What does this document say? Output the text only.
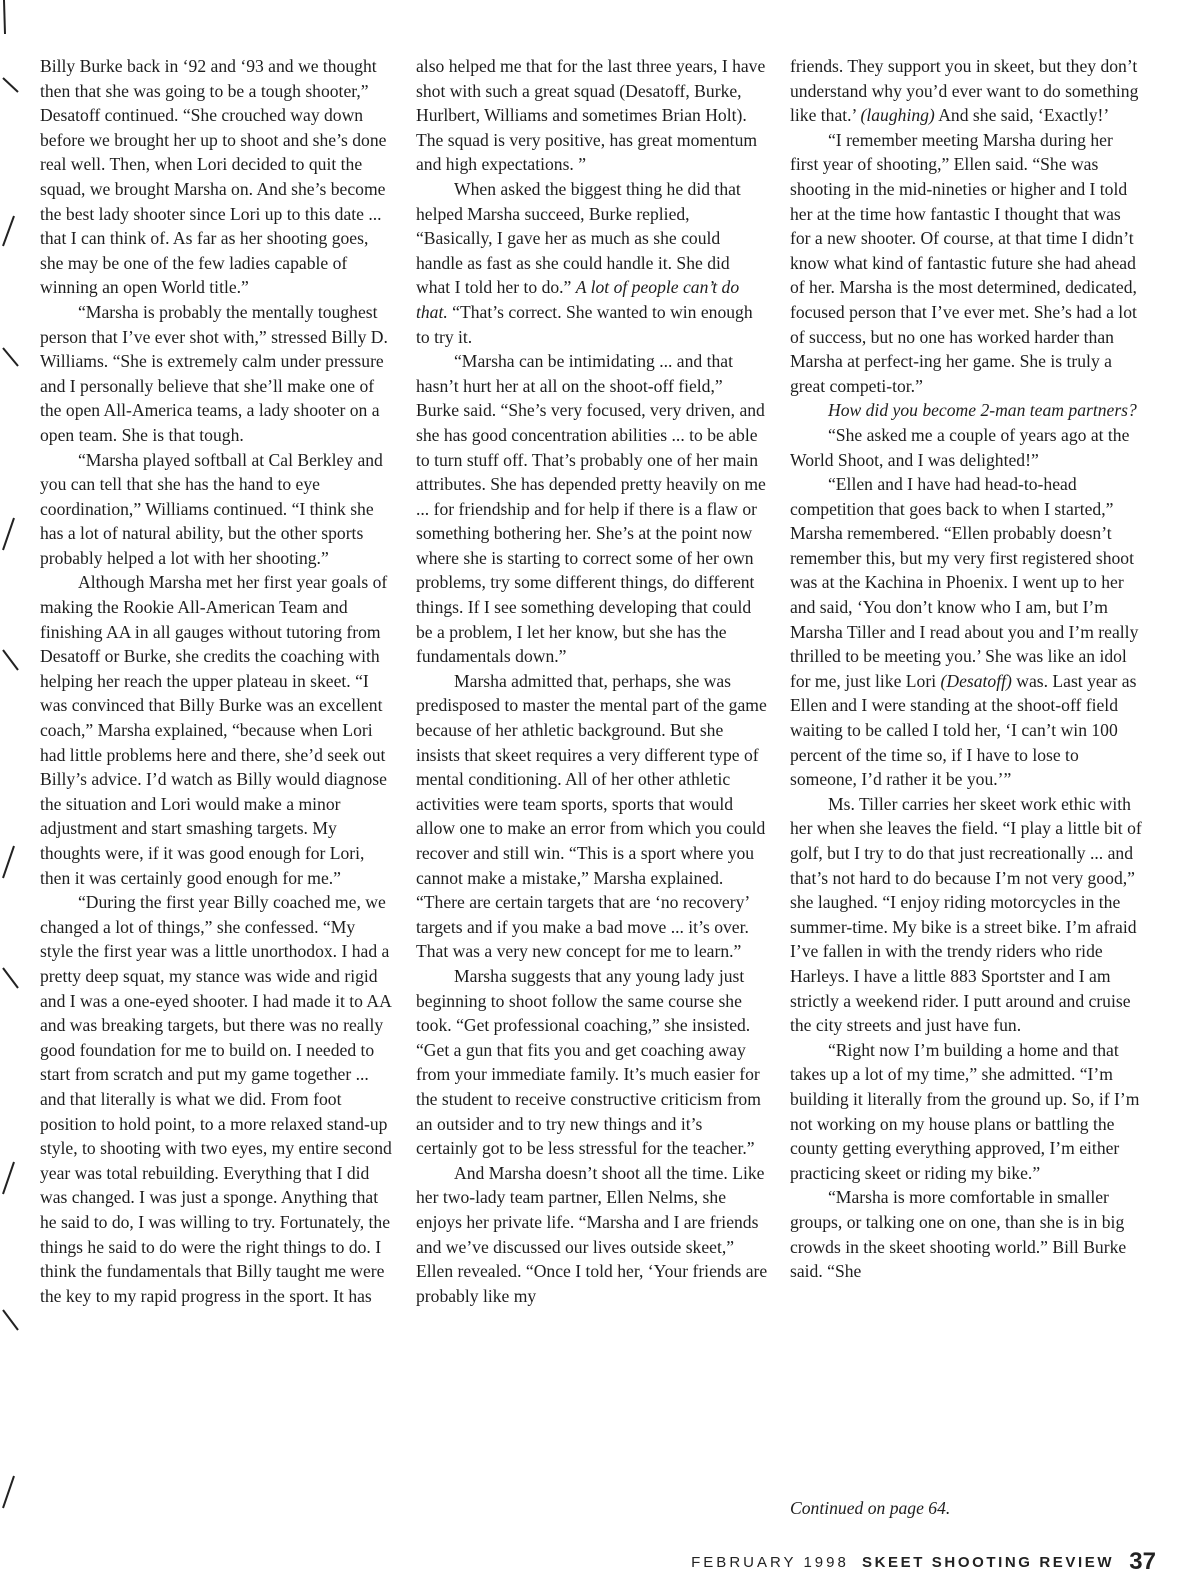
Billy Burke back in ‘92 and ‘93 and we thought then that she was going to be a tough shooter,” Desatoff continued. “She crouched way down before we brought her up to shoot and she’s done real well. Then, when Lori decided to quit the squad, we brought Marsha on. And she’s become the best lady shooter since Lori up to this date ... that I can think of. As far as her shooting goes, she may be one of the few ladies capable of winning an open World title.”

“Marsha is probably the mentally toughest person that I’ve ever shot with,” stressed Billy D. Williams. “She is extremely calm under pressure and I personally believe that she’ll make one of the open All-America teams, a lady shooter on a open team. She is that tough.

“Marsha played softball at Cal Berkley and you can tell that she has the hand to eye coordination,” Williams continued. “I think she has a lot of natural ability, but the other sports probably helped a lot with her shooting.”

Although Marsha met her first year goals of making the Rookie All-American Team and finishing AA in all gauges without tutoring from Desatoff or Burke, she credits the coaching with helping her reach the upper plateau in skeet. “I was convinced that Billy Burke was an excellent coach,” Marsha explained, “because when Lori had little problems here and there, she’d seek out Billy’s advice. I’d watch as Billy would diagnose the situation and Lori would make a minor adjustment and start smashing targets. My thoughts were, if it was good enough for Lori, then it was certainly good enough for me.”

“During the first year Billy coached me, we changed a lot of things,” she confessed. “My style the first year was a little unorthodox. I had a pretty deep squat, my stance was wide and rigid and I was a one-eyed shooter. I had made it to AA and was breaking targets, but there was no really good foundation for me to build on. I needed to start from scratch and put my game together ... and that literally is what we did. From foot position to hold point, to a more relaxed stand-up style, to shooting with two eyes, my entire second year was total rebuilding. Everything that I did was changed. I was just a sponge. Anything that he said to do, I was willing to try. Fortunately, the things he said to do were the right things to do. I think the fundamentals that Billy taught me were the key to my rapid progress in the sport. It has

also helped me that for the last three years, I have shot with such a great squad (Desatoff, Burke, Hurlbert, Williams and sometimes Brian Holt). The squad is very positive, has great momentum and high expectations. ”

When asked the biggest thing he did that helped Marsha succeed, Burke replied, “Basically, I gave her as much as she could handle as fast as she could handle it. She did what I told her to do.” A lot of people can’t do that. “That’s correct. She wanted to win enough to try it.

“Marsha can be intimidating ... and that hasn’t hurt her at all on the shoot-off field,” Burke said. “She’s very focused, very driven, and she has good concentration abilities ... to be able to turn stuff off. That’s probably one of her main attributes. She has depended pretty heavily on me ... for friendship and for help if there is a flaw or something bothering her. She’s at the point now where she is starting to correct some of her own problems, try some different things, do different things. If I see something developing that could be a problem, I let her know, but she has the fundamentals down.”

Marsha admitted that, perhaps, she was predisposed to master the mental part of the game because of her athletic background. But she insists that skeet requires a very different type of mental conditioning. All of her other athletic activities were team sports, sports that would allow one to make an error from which you could recover and still win. “This is a sport where you cannot make a mistake,” Marsha explained. “There are certain targets that are ‘no recovery’ targets and if you make a bad move ... it’s over. That was a very new concept for me to learn.”

Marsha suggests that any young lady just beginning to shoot follow the same course she took. “Get professional coaching,” she insisted. “Get a gun that fits you and get coaching away from your immediate family. It’s much easier for the student to receive constructive criticism from an outsider and to try new things and it’s certainly got to be less stressful for the teacher.”

And Marsha doesn’t shoot all the time. Like her two-lady team partner, Ellen Nelms, she enjoys her private life. “Marsha and I are friends and we’ve discussed our lives outside skeet,” Ellen revealed. “Once I told her, ‘Your friends are probably like my

friends. They support you in skeet, but they don’t understand why you’d ever want to do something like that.’ (laughing) And she said, ‘Exactly!’

“I remember meeting Marsha during her first year of shooting,” Ellen said. “She was shooting in the mid-nineties or higher and I told her at the time how fantastic I thought that was for a new shooter. Of course, at that time I didn’t know what kind of fantastic future she had ahead of her. Marsha is the most determined, dedicated, focused person that I’ve ever met. She’s had a lot of success, but no one has worked harder than Marsha at perfect-ing her game. She is truly a great competi-tor.”

How did you become 2-man team partners?

“She asked me a couple of years ago at the World Shoot, and I was delighted!”

“Ellen and I have had head-to-head competition that goes back to when I started,” Marsha remembered. “Ellen probably doesn’t remember this, but my very first registered shoot was at the Kachina in Phoenix. I went up to her and said, ‘You don’t know who I am, but I’m Marsha Tiller and I read about you and I’m really thrilled to be meeting you.’ She was like an idol for me, just like Lori (Desatoff) was. Last year as Ellen and I were standing at the shoot-off field waiting to be called I told her, ‘I can’t win 100 percent of the time so, if I have to lose to someone, I’d rather it be you.’”

Ms. Tiller carries her skeet work ethic with her when she leaves the field. “I play a little bit of golf, but I try to do that just recreationally ... and that’s not hard to do because I’m not very good,” she laughed. “I enjoy riding motorcycles in the summer-time. My bike is a street bike. I’m afraid I’ve fallen in with the trendy riders who ride Harleys. I have a little 883 Sportster and I am strictly a weekend rider. I putt around and cruise the city streets and just have fun.

“Right now I’m building a home and that takes up a lot of my time,” she admitted. “I’m building it literally from the ground up. So, if I’m not working on my house plans or battling the county getting everything approved, I’m either practicing skeet or riding my bike.”

“Marsha is more comfortable in smaller groups, or talking one on one, than she is in big crowds in the skeet shooting world.” Bill Burke said. “She

Continued on page 64.
FEBRUARY 1998 SKEET SHOOTING REVIEW 37
